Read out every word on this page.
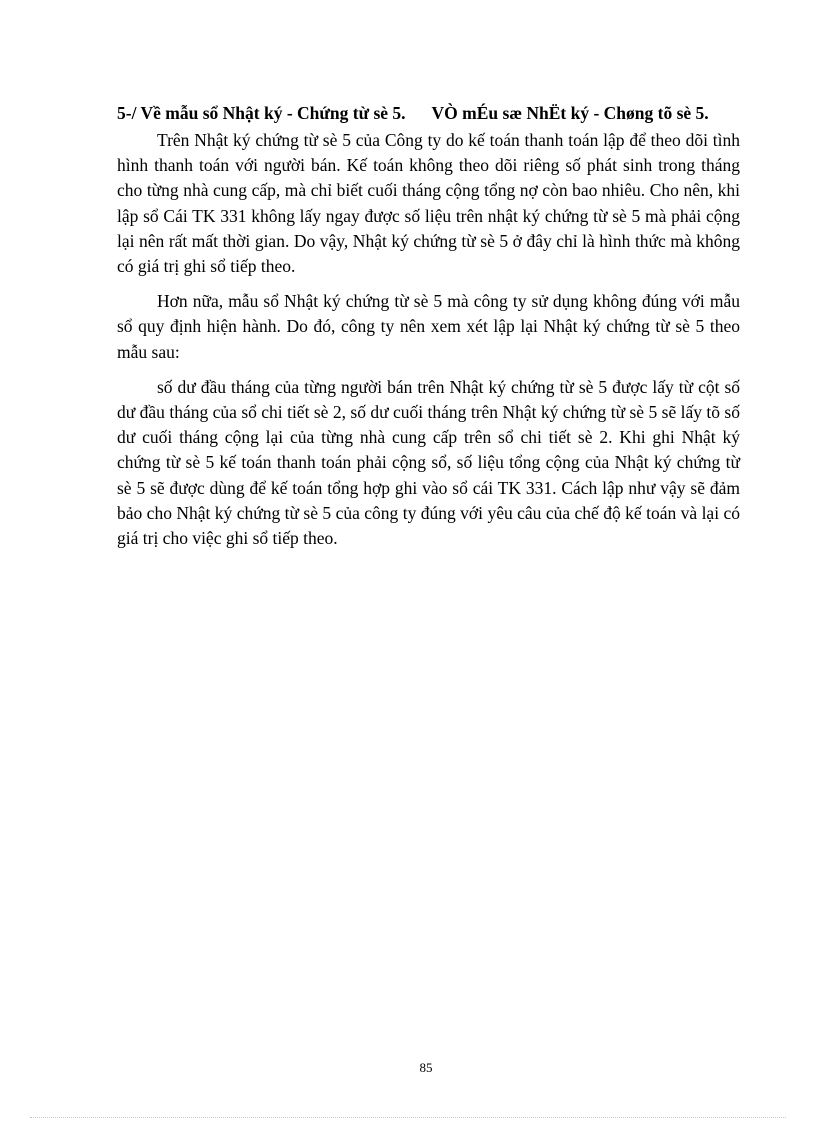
5-/ Về mẫu sổ Nhật ký - Chứng từ sè 5. VÒ mÉu sæ NhËt ký - Chøng tõ sè 5.

Trên Nhật ký chứng từ sè 5 của Công ty do kế toán thanh toán lập để theo dõi tình hình thanh toán với người bán. Kế toán không theo dõi riêng số phát sinh trong tháng cho từng nhà cung cấp, mà chỉ biết cuối tháng cộng tổng nợ còn bao nhiêu. Cho nên, khi lập sổ Cái TK 331 không lấy ngay được số liệu trên nhật ký chứng từ sè 5 mà phải cộng lại nên rất mất thời gian. Do vậy, Nhật ký chứng từ sè 5 ở đây chỉ là hình thức mà không có giá trị ghi sổ tiếp theo.

Hơn nữa, mẫu sổ Nhật ký chứng từ sè 5 mà công ty sử dụng không đúng với mẫu sổ quy định hiện hành. Do đó, công ty nên xem xét lập lại Nhật ký chứng từ sè 5 theo mẫu sau:

số dư đầu tháng của từng người bán trên Nhật ký chứng từ sè 5 được lấy từ cột số dư đầu tháng của sổ chi tiết sè 2, số dư cuối tháng trên Nhật ký chứng từ sè 5 sẽ lấy tõ số dư cuối tháng cộng lại của từng nhà cung cấp trên sổ chi tiết sè 2. Khi ghi Nhật ký chứng từ sè 5 kế toán thanh toán phải cộng sổ, số liệu tổng cộng của Nhật ký chứng từ sè 5 sẽ được dùng để kế toán tổng hợp ghi vào sổ cái TK 331. Cách lập như vậy sẽ đảm bảo cho Nhật ký chứng từ sè 5 của công ty đúng với yêu câu của chế độ kế toán và lại có giá trị cho việc ghi sổ tiếp theo.

85
